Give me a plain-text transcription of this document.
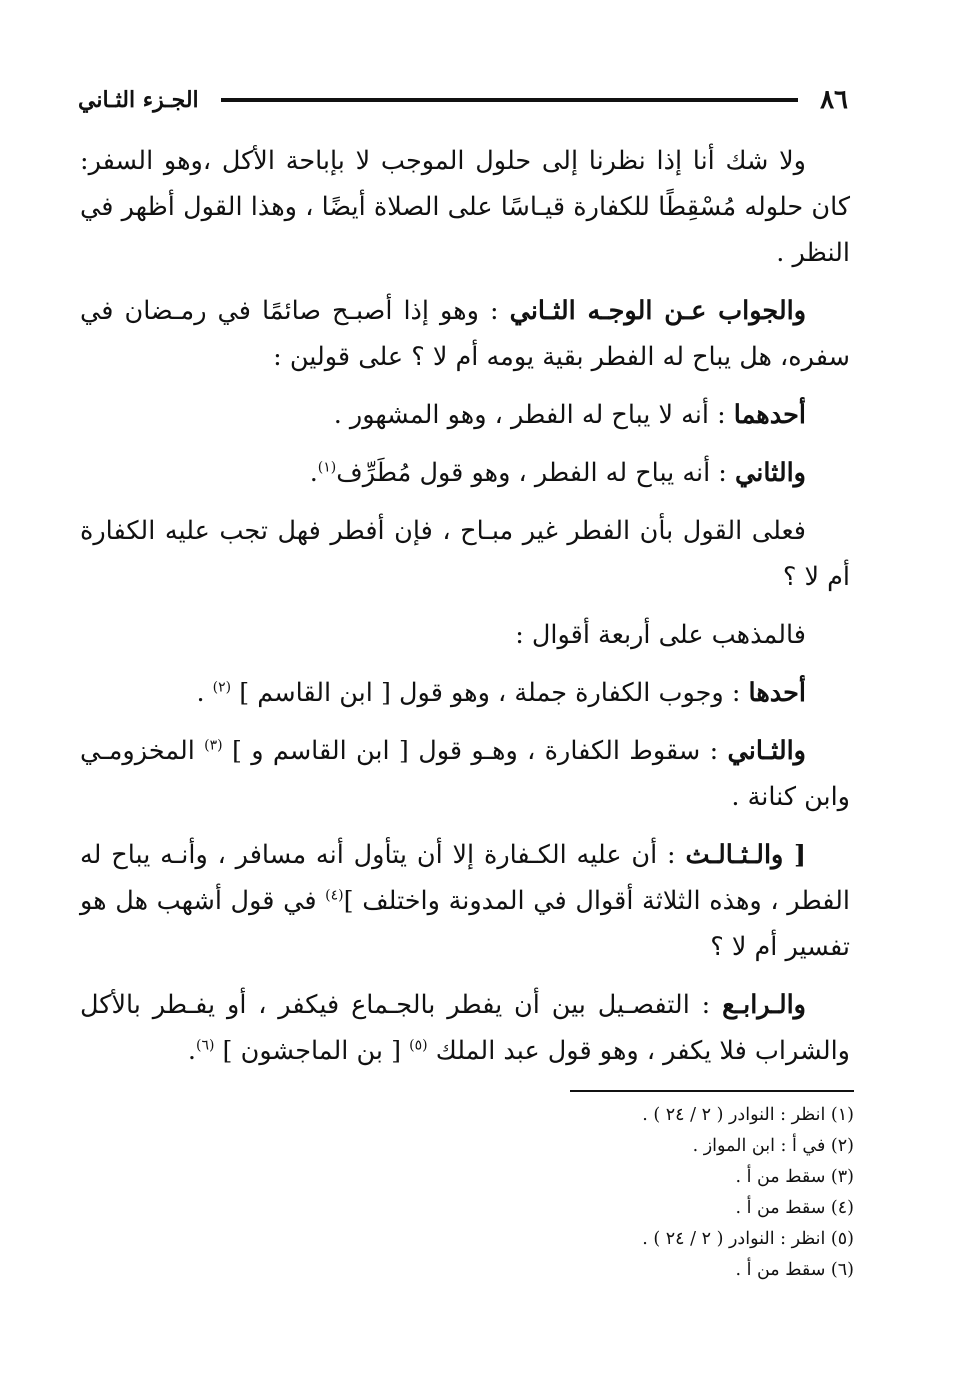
٨٦
الجـزء الثـاني

ولا شك أنا إذا نظرنا إلى حلول الموجب لا بإباحة الأكل ،وهو السفر: كان حلوله مُسْقِطًا للكفارة قيـاسًا على الصلاة أيضًا ، وهذا القول أظهر في النظر .

والجواب عـن الوجـه الثـاني : وهو إذا أصبـح صائمًا في رمـضان في سفره، هل يباح له الفطر بقية يومه أم لا ؟ على قولين :

أحدهما : أنه لا يباح له الفطر ، وهو المشهور .

والثاني : أنه يباح له الفطر ، وهو قول مُطَرِّف$^{(١)}$.

فعلى القول بأن الفطر غير مبـاح ، فإن أفطر فهل تجب عليه الكفارة أم لا ؟

فالمذهب على أربعة أقوال :

أحدها : وجوب الكفارة جملة ، وهو قول [ ابن القاسم ] $^{(٢)}$ .

والثـاني : سقوط الكفارة ، وهـو قول [ ابن القاسم و ] $^{(٣)}$ المخزومـي وابن كنانة .

[ والـثـالـث : أن عليه الكـفارة إلا أن يتأول أنه مسافر ، وأنـه يباح له الفطر ، وهذه الثلاثة أقوال في المدونة واختلف ]$^{(٤)}$ في قول أشهب هل هو تفسير أم لا ؟

والـرابـع : التفصـيل بين أن يفطر بالجـماع فيكفر ، أو يفـطر بالأكل والشراب فلا يكفر ، وهو قول عبد الملك $^{(٥)}$ [ بن الماجشون ] $^{(٦)}$.

(١) انظر : النوادر ( ٢ / ٢٤ ) .
(٢) في أ : ابن المواز .
(٣) سقط من أ .
(٤) سقط من أ .
(٥) انظر : النوادر ( ٢ / ٢٤ ) .
(٦) سقط من أ .
